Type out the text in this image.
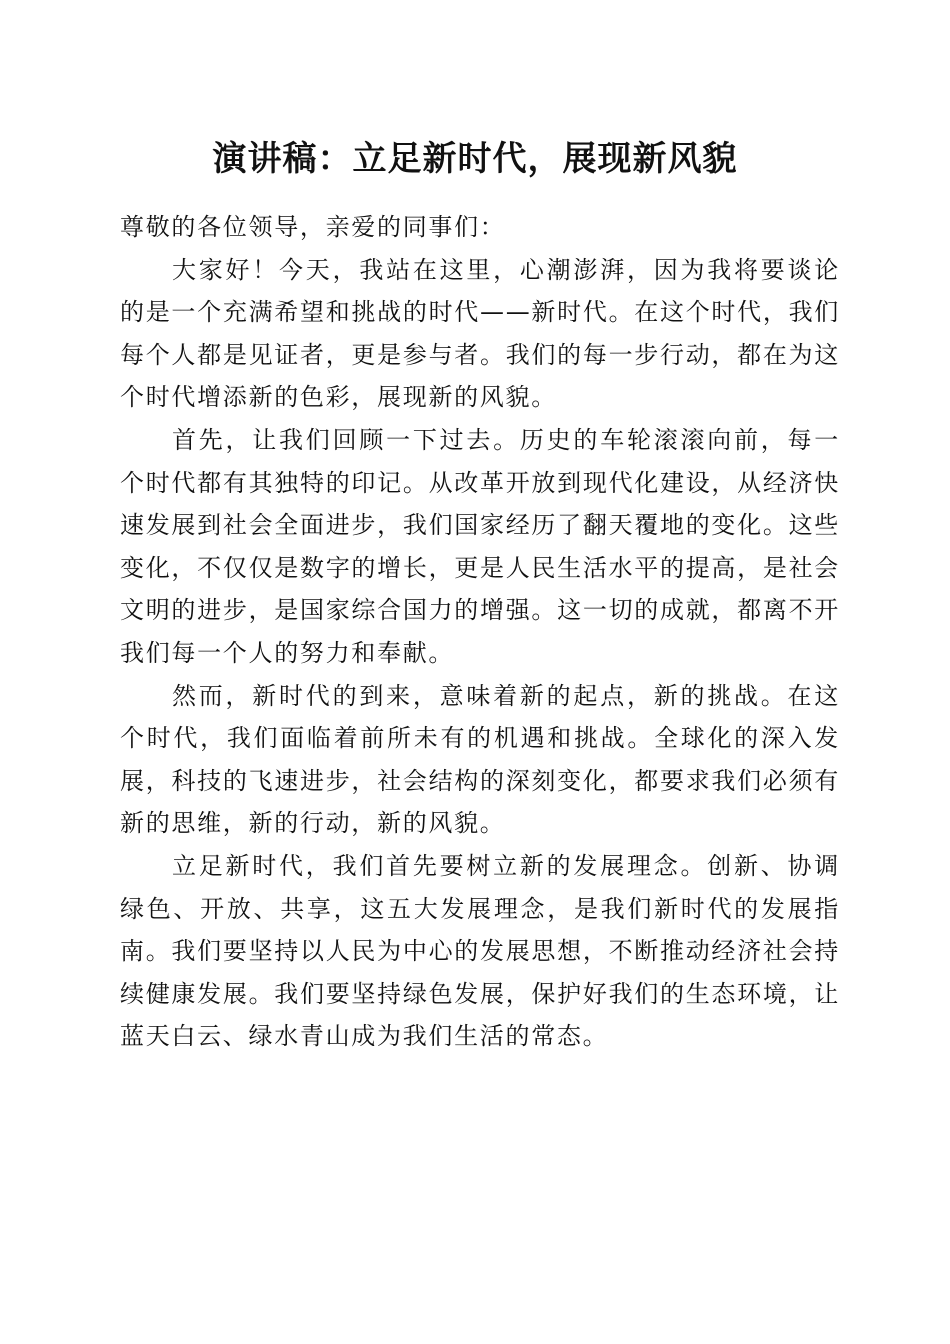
演讲稿：立足新时代，展现新风貌

尊敬的各位领导，亲爱的同事们：

大家好！今天，我站在这里，心潮澎湃，因为我将要谈论的是一个充满希望和挑战的时代——新时代。在这个时代，我们每个人都是见证者，更是参与者。我们的每一步行动，都在为这个时代增添新的色彩，展现新的风貌。

首先，让我们回顾一下过去。历史的车轮滚滚向前，每一个时代都有其独特的印记。从改革开放到现代化建设，从经济快速发展到社会全面进步，我们国家经历了翻天覆地的变化。这些变化，不仅仅是数字的增长，更是人民生活水平的提高，是社会文明的进步，是国家综合国力的增强。这一切的成就，都离不开我们每一个人的努力和奉献。

然而，新时代的到来，意味着新的起点，新的挑战。在这个时代，我们面临着前所未有的机遇和挑战。全球化的深入发展，科技的飞速进步，社会结构的深刻变化，都要求我们必须有新的思维，新的行动，新的风貌。

立足新时代，我们首先要树立新的发展理念。创新、协调绿色、开放、共享，这五大发展理念，是我们新时代的发展指南。我们要坚持以人民为中心的发展思想，不断推动经济社会持续健康发展。我们要坚持绿色发展，保护好我们的生态环境，让蓝天白云、绿水青山成为我们生活的常态。
